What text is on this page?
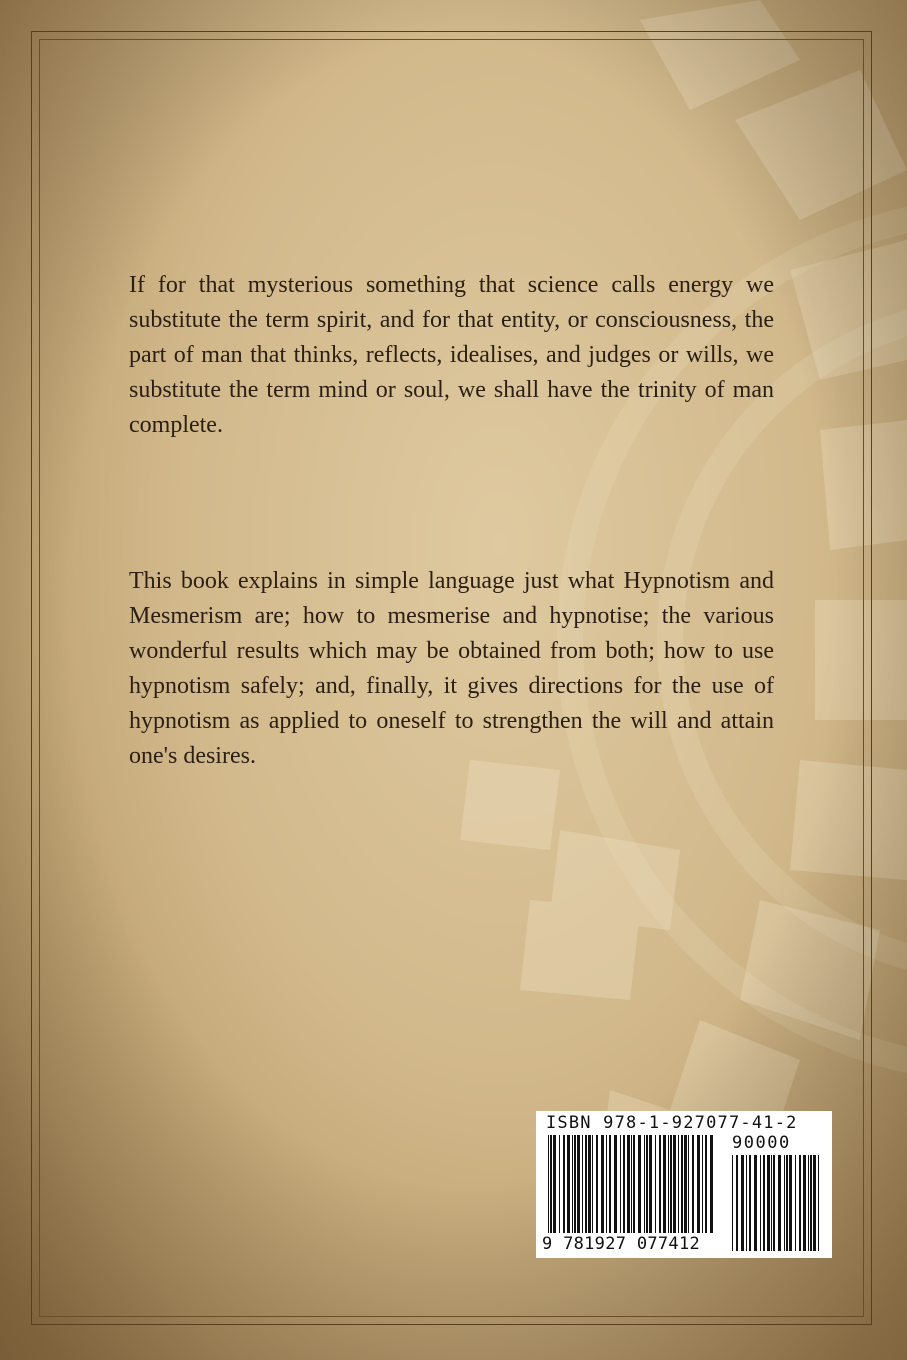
If for that mysterious something that science calls energy we substitute the term spirit, and for that entity, or consciousness, the part of man that thinks, reflects, idealises, and judges or wills, we substitute the term mind or soul, we shall have the trinity of man complete.

This book explains in simple language just what Hypnotism and Mesmerism are; how to mesmerise and hypnotise; the various wonderful results which may be obtained from both; how to use hypnotism safely; and, finally, it gives directions for the use of hypnotism as applied to oneself to strengthen the will and attain one's desires.

ISBN 978-1-927077-41-2
90000
9 781927 077412
